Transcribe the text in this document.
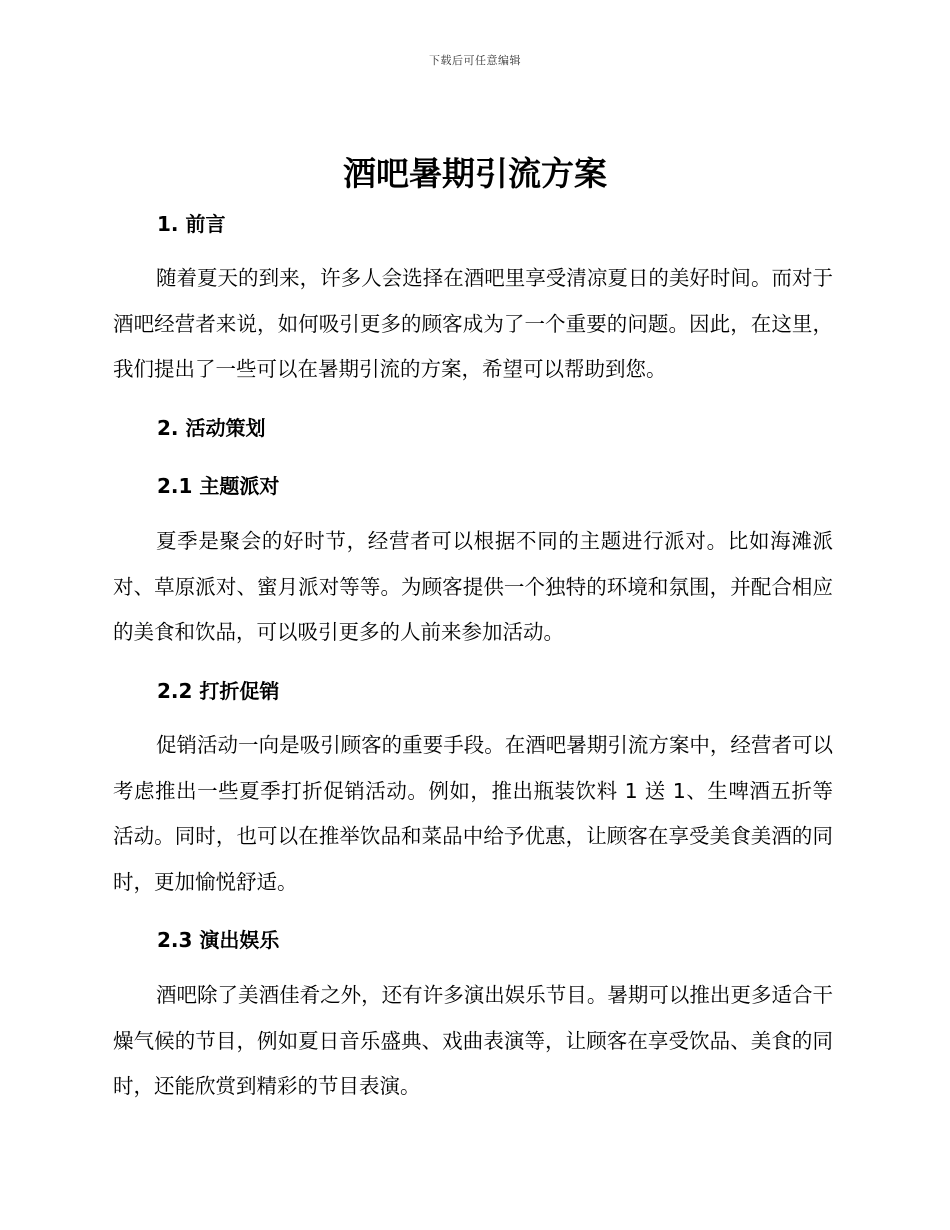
下载后可任意编辑
酒吧暑期引流方案
1. 前言

随着夏天的到来，许多人会选择在酒吧里享受清凉夏日的美好时间。而对于酒吧经营者来说，如何吸引更多的顾客成为了一个重要的问题。因此，在这里，我们提出了一些可以在暑期引流的方案，希望可以帮助到您。

2. 活动策划
2.1 主题派对

夏季是聚会的好时节，经营者可以根据不同的主题进行派对。比如海滩派对、草原派对、蜜月派对等等。为顾客提供一个独特的环境和氛围，并配合相应的美食和饮品，可以吸引更多的人前来参加活动。

2.2 打折促销

促销活动一向是吸引顾客的重要手段。在酒吧暑期引流方案中，经营者可以考虑推出一些夏季打折促销活动。例如，推出瓶装饮料 1 送 1、生啤酒五折等活动。同时，也可以在推举饮品和菜品中给予优惠，让顾客在享受美食美酒的同时，更加愉悦舒适。

2.3 演出娱乐

酒吧除了美酒佳肴之外，还有许多演出娱乐节目。暑期可以推出更多适合干燥气候的节目，例如夏日音乐盛典、戏曲表演等，让顾客在享受饮品、美食的同时，还能欣赏到精彩的节目表演。
